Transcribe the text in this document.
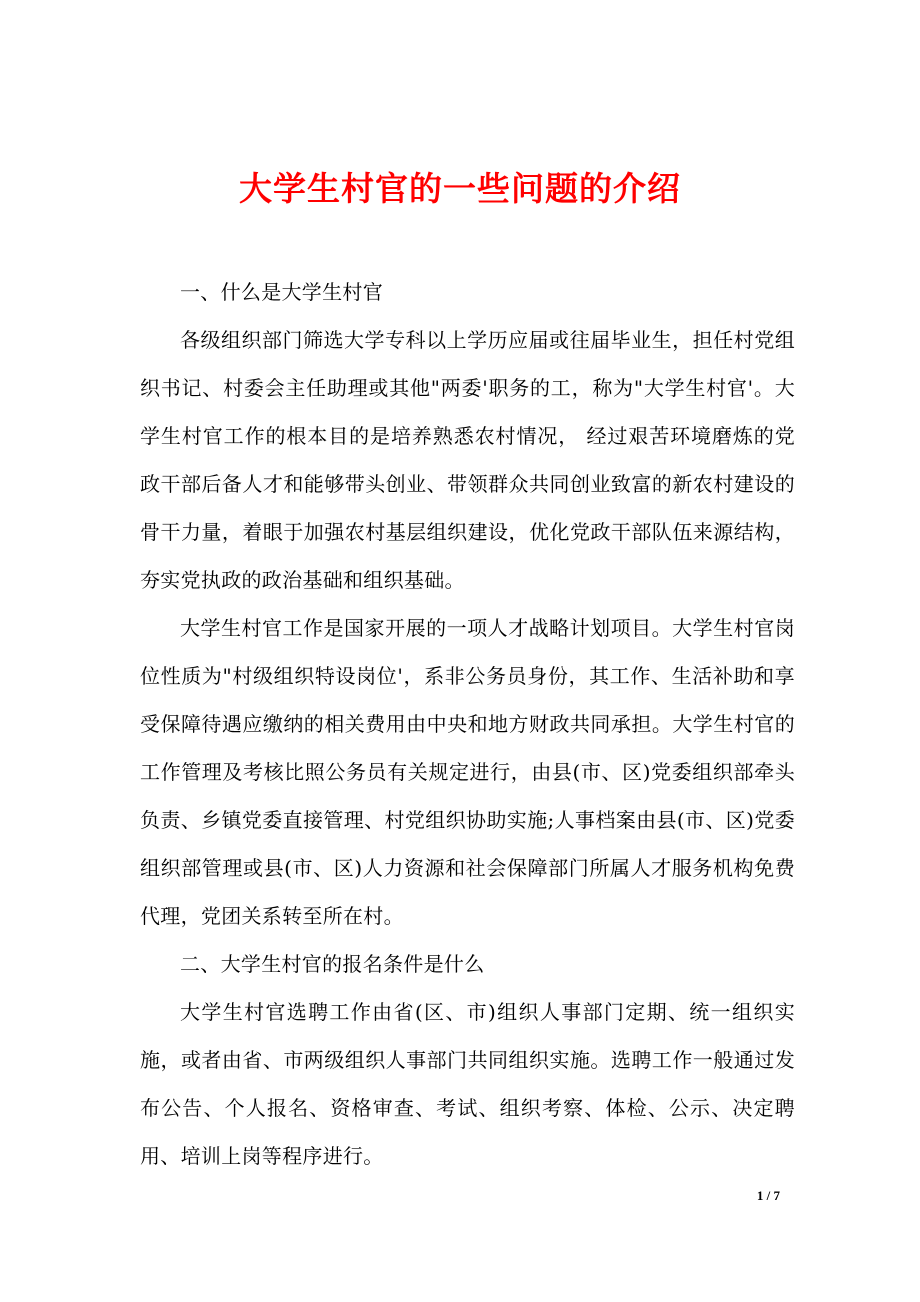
大学生村官的一些问题的介绍

一、什么是大学生村官

各级组织部门筛选大学专科以上学历应届或往届毕业生，担任村党组织书记、村委会主任助理或其他"两委'职务的工，称为"大学生村官'。大学生村官工作的根本目的是培养熟悉农村情况， 经过艰苦环境磨炼的党政干部后备人才和能够带头创业、带领群众共同创业致富的新农村建设的骨干力量，着眼于加强农村基层组织建设，优化党政干部队伍来源结构，夯实党执政的政治基础和组织基础。

大学生村官工作是国家开展的一项人才战略计划项目。大学生村官岗位性质为"村级组织特设岗位'，系非公务员身份，其工作、生活补助和享受保障待遇应缴纳的相关费用由中央和地方财政共同承担。大学生村官的工作管理及考核比照公务员有关规定进行，由县(市、区)党委组织部牵头负责、乡镇党委直接管理、村党组织协助实施;人事档案由县(市、区)党委组织部管理或县(市、区)人力资源和社会保障部门所属人才服务机构免费代理，党团关系转至所在村。

二、大学生村官的报名条件是什么

大学生村官选聘工作由省(区、市)组织人事部门定期、统一组织实施，或者由省、市两级组织人事部门共同组织实施。选聘工作一般通过发布公告、个人报名、资格审查、考试、组织考察、体检、公示、决定聘用、培训上岗等程序进行。

1 / 7
